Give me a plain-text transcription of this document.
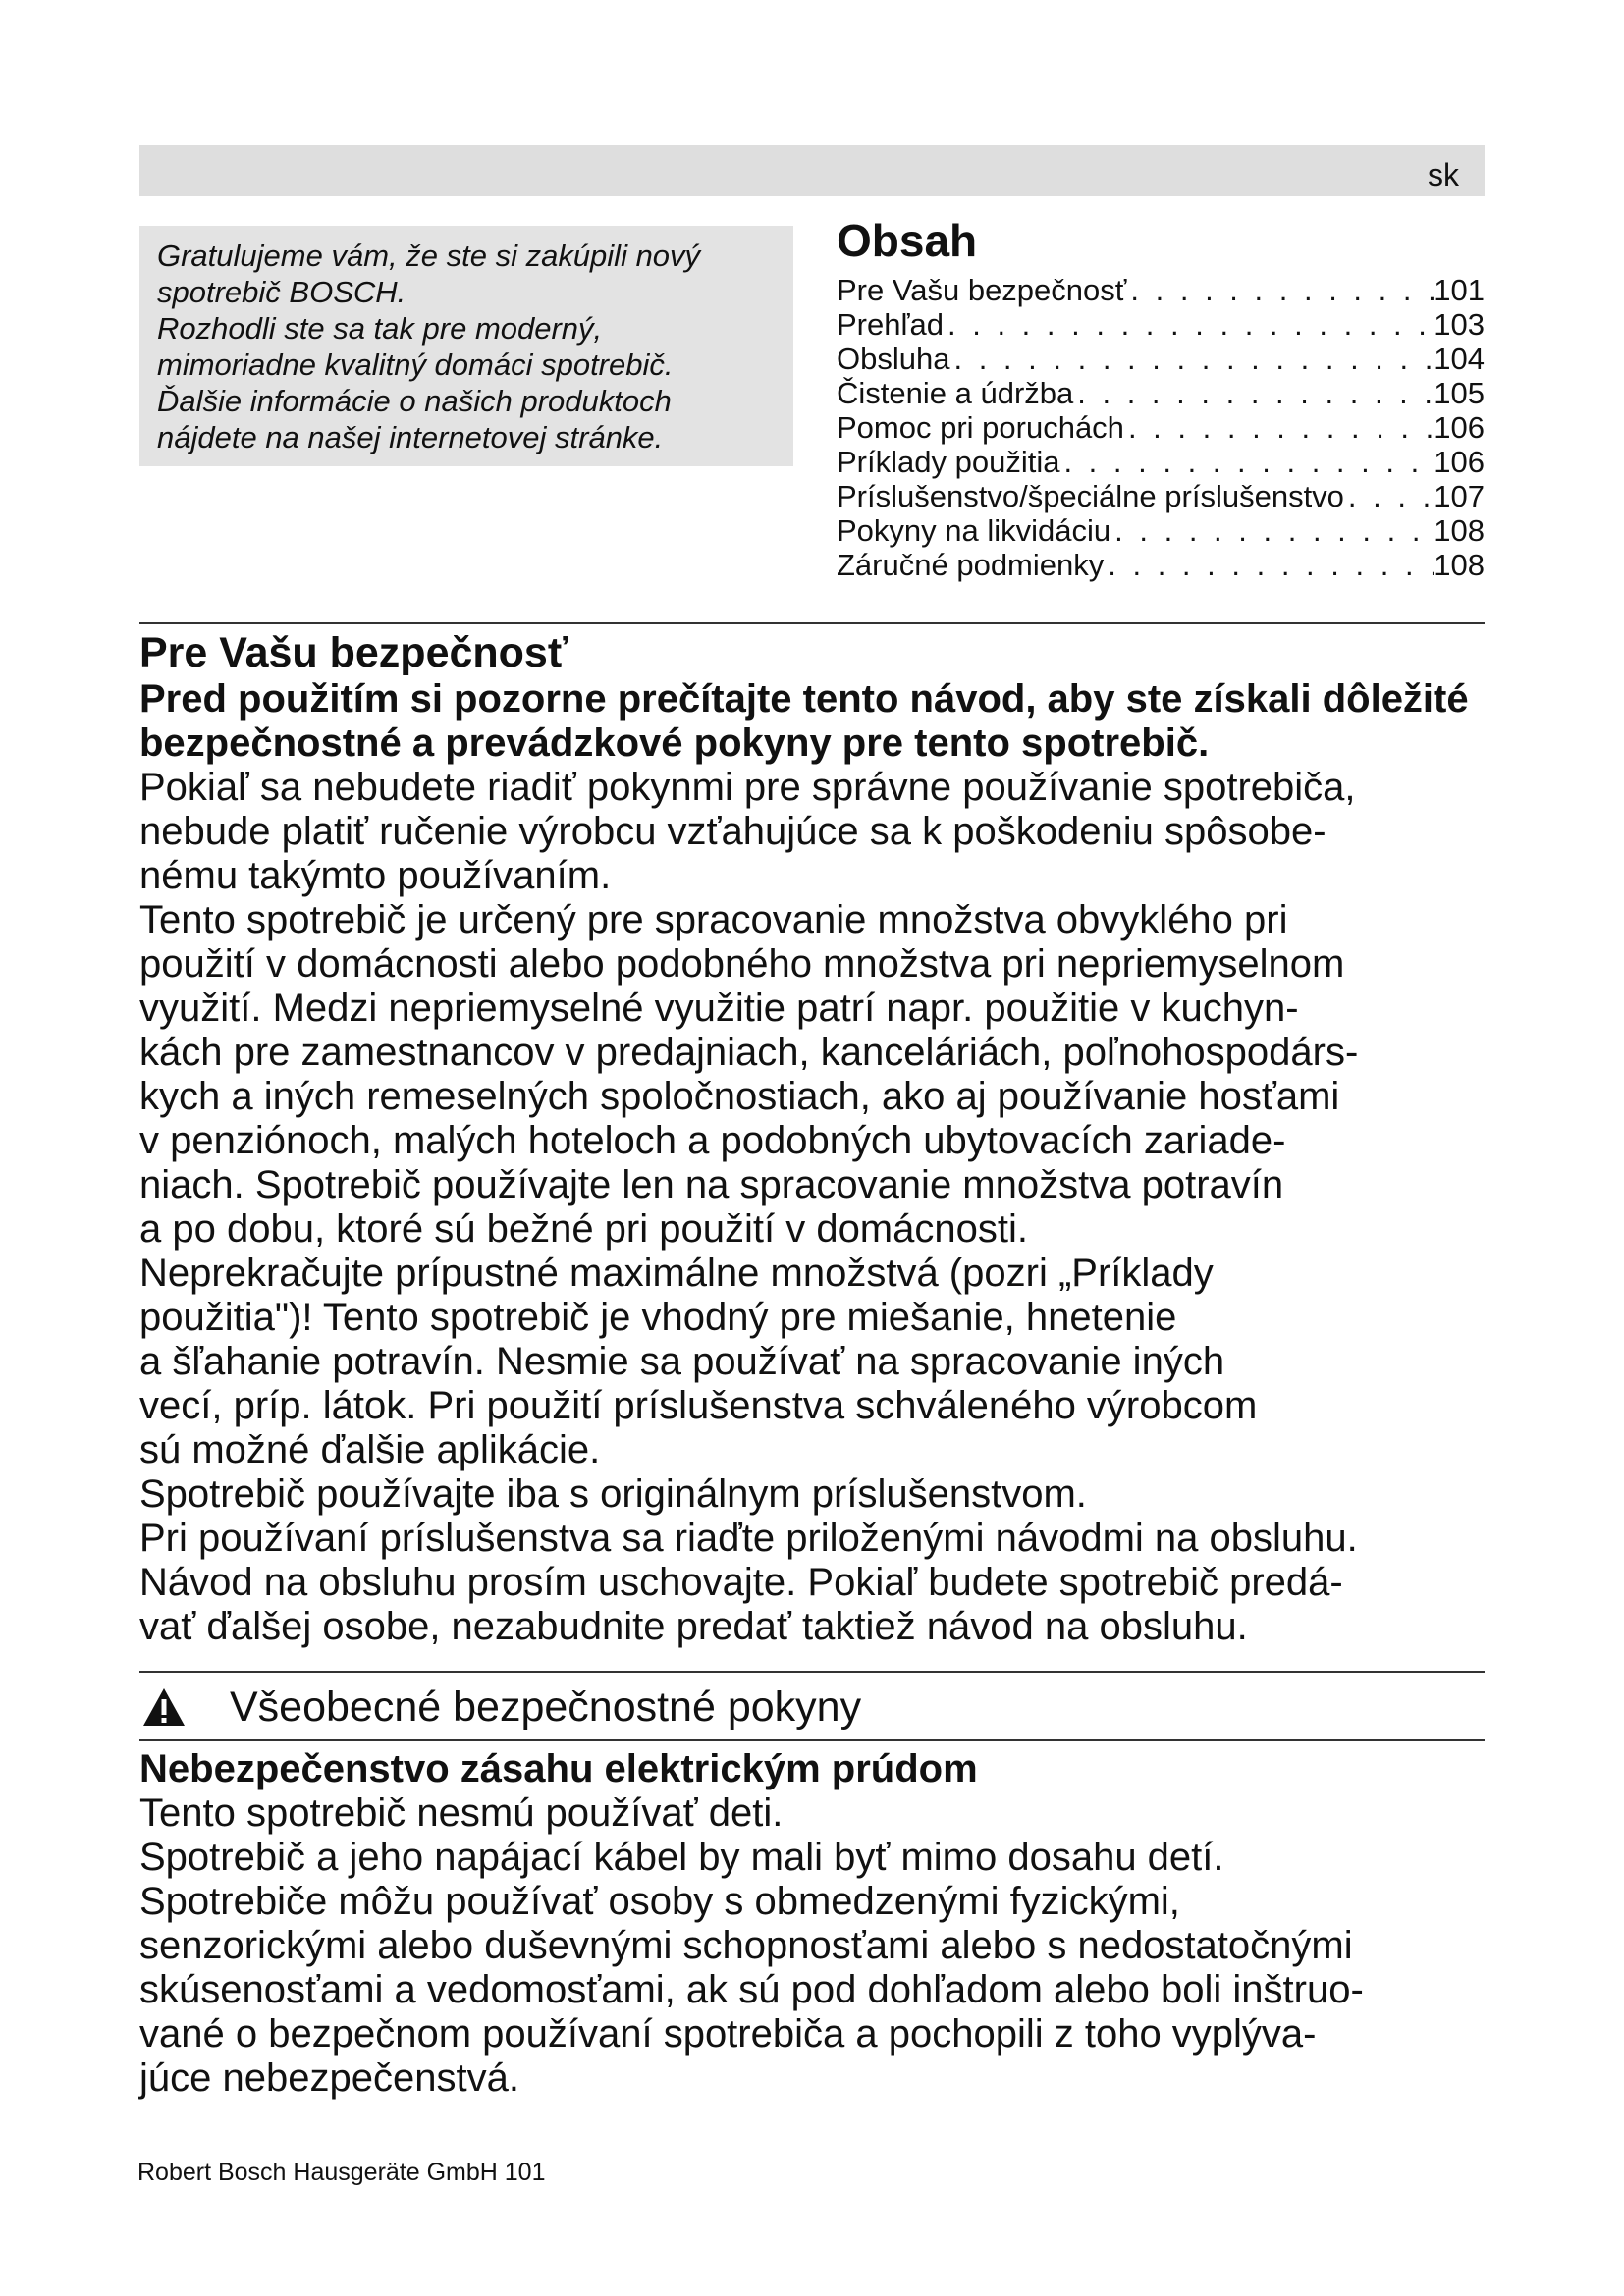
sk

Gratulujeme vám, že ste si zakúpili nový

spotrebič BOSCH.

Rozhodli ste sa tak pre moderný,

mimoriadne kvalitný domáci spotrebič.

Ďalšie informácie o našich produktoch

nájdete na našej internetovej stránke.

Obsah
Pre Vašu bezpečnosť . . .	101
Prehľad . . .	103
Obsluha . . .	104
Čistenie a údržba . . .	105
Pomoc pri poruchách . . .	106
Príklady použitia . . .	106
Príslušenstvo/špeciálne príslušenstvo . . .	107
Pokyny na likvidáciu . . .	108
Záručné podmienky . . .	108
Pre Vašu bezpečnosť

Pred použitím si pozorne prečítajte tento návod, aby ste získali dôležité

bezpečnostné a prevádzkové pokyny pre tento spotrebič.

Pokiaľ sa nebudete riadiť pokynmi pre správne používanie spotrebiča,

nebude platiť ručenie výrobcu vzťahujúce sa k poškodeniu spôsobe-

nému takýmto používaním.

Tento spotrebič je určený pre spracovanie množstva obvyklého pri

použití v domácnosti alebo podobného množstva pri nepriemyselnom

využití. Medzi nepriemyselné využitie patrí napr. použitie v kuchyn-

kách pre zamestnancov v predajniach, kanceláriách, poľnohospodárs-

kych a iných remeselných spoločnostiach, ako aj používanie hosťami

v penziónoch, malých hoteloch a podobných ubytovacích zariade-

niach. Spotrebič používajte len na spracovanie množstva potravín

a po dobu, ktoré sú bežné pri použití v domácnosti.

Neprekračujte prípustné maximálne množstvá (pozri „Príklady

použitia")! Tento spotrebič je vhodný pre miešanie, hnetenie

a šľahanie potravín. Nesmie sa používať na spracovanie iných

vecí, príp. látok. Pri použití príslušenstva schváleného výrobcom

sú možné ďalšie aplikácie.

Spotrebič používajte iba s originálnym príslušenstvom.

Pri používaní príslušenstva sa riaďte priloženými návodmi na obsluhu.

Návod na obsluhu prosím uschovajte. Pokiaľ budete spotrebič predá-

vať ďalšej osobe, nezabudnite predať taktiež návod na obsluhu.

Všeobecné bezpečnostné pokyny

Nebezpečenstvo zásahu elektrickým prúdom

Tento spotrebič nesmú používať deti.

Spotrebič a jeho napájací kábel by mali byť mimo dosahu detí.

Spotrebiče môžu používať osoby s obmedzenými fyzickými,

senzorickými alebo duševnými schopnosťami alebo s nedostatočnými

skúsenosťami a vedomosťami, ak sú pod dohľadom alebo boli inštruo-

vané o bezpečnom používaní spotrebiča a pochopili z toho vyplýva-

júce nebezpečenstvá.

Robert Bosch Hausgeräte GmbH 101
